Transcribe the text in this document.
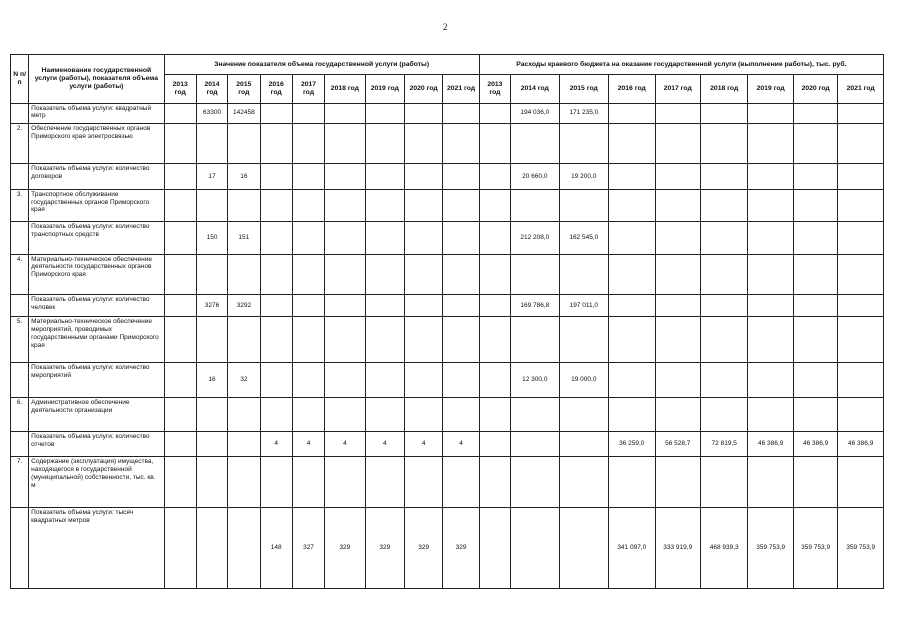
2
N п/п	Наименование государственной услуги (работы), показателя объема услуги (работы)	Значение показателя объема государственной услуги (работы)									Расходы краевого бюджета на оказание государственной услуги (выполнение работы), тыс. руб.								
		2013 год	2014 год	2015 год	2016 год	2017 год	2018 год	2019 год	2020 год	2021 год	2013 год	2014 год	2015 год	2016 год	2017 год	2018 год	2019 год	2020 год	2021 год
	Показатель объема услуги: квадратный метр		63300	142458								194 036,0	171 235,0						
2.	Обеспечение государственных органов Приморского края электросвязью																		
	Показатель объема услуги: количество договоров		17	16								20 660,0	19 200,0						
3.	Транспортное обслуживание государственных органов Приморского края																		
	Показатель объема услуги: количество транспортных средств		150	151								212 208,0	162 545,0						
4.	Материально-техническое обеспечение деятельности государственных органов Приморского края																		
	Показатель объема услуги: количество человек		3276	3292								169 786,8	197 011,0						
5.	Материально-техническое обеспечение мероприятий, проводимых государственными органами Приморского края																		
	Показатель объема услуги: количество мероприятий		16	32								12 300,0	19 000,0						
6.	Административное обеспечение деятельности организации																		
	Показатель объема услуги: количество отчетов				4	4	4	4	4	4				36 259,0	56 528,7	72 819,5	46 386,9	46 386,9	46 386,9
7.	Содержание (эксплуатация) имущества, находящегося в государственной (муниципальной) собственности, тыс. кв. м																		
	Показатель объема услуги: тысяч квадратных метров				148	327	329	329	329	329				341 097,0	333 919,9	468 939,3	359 753,9	359 753,9	359 753,9
